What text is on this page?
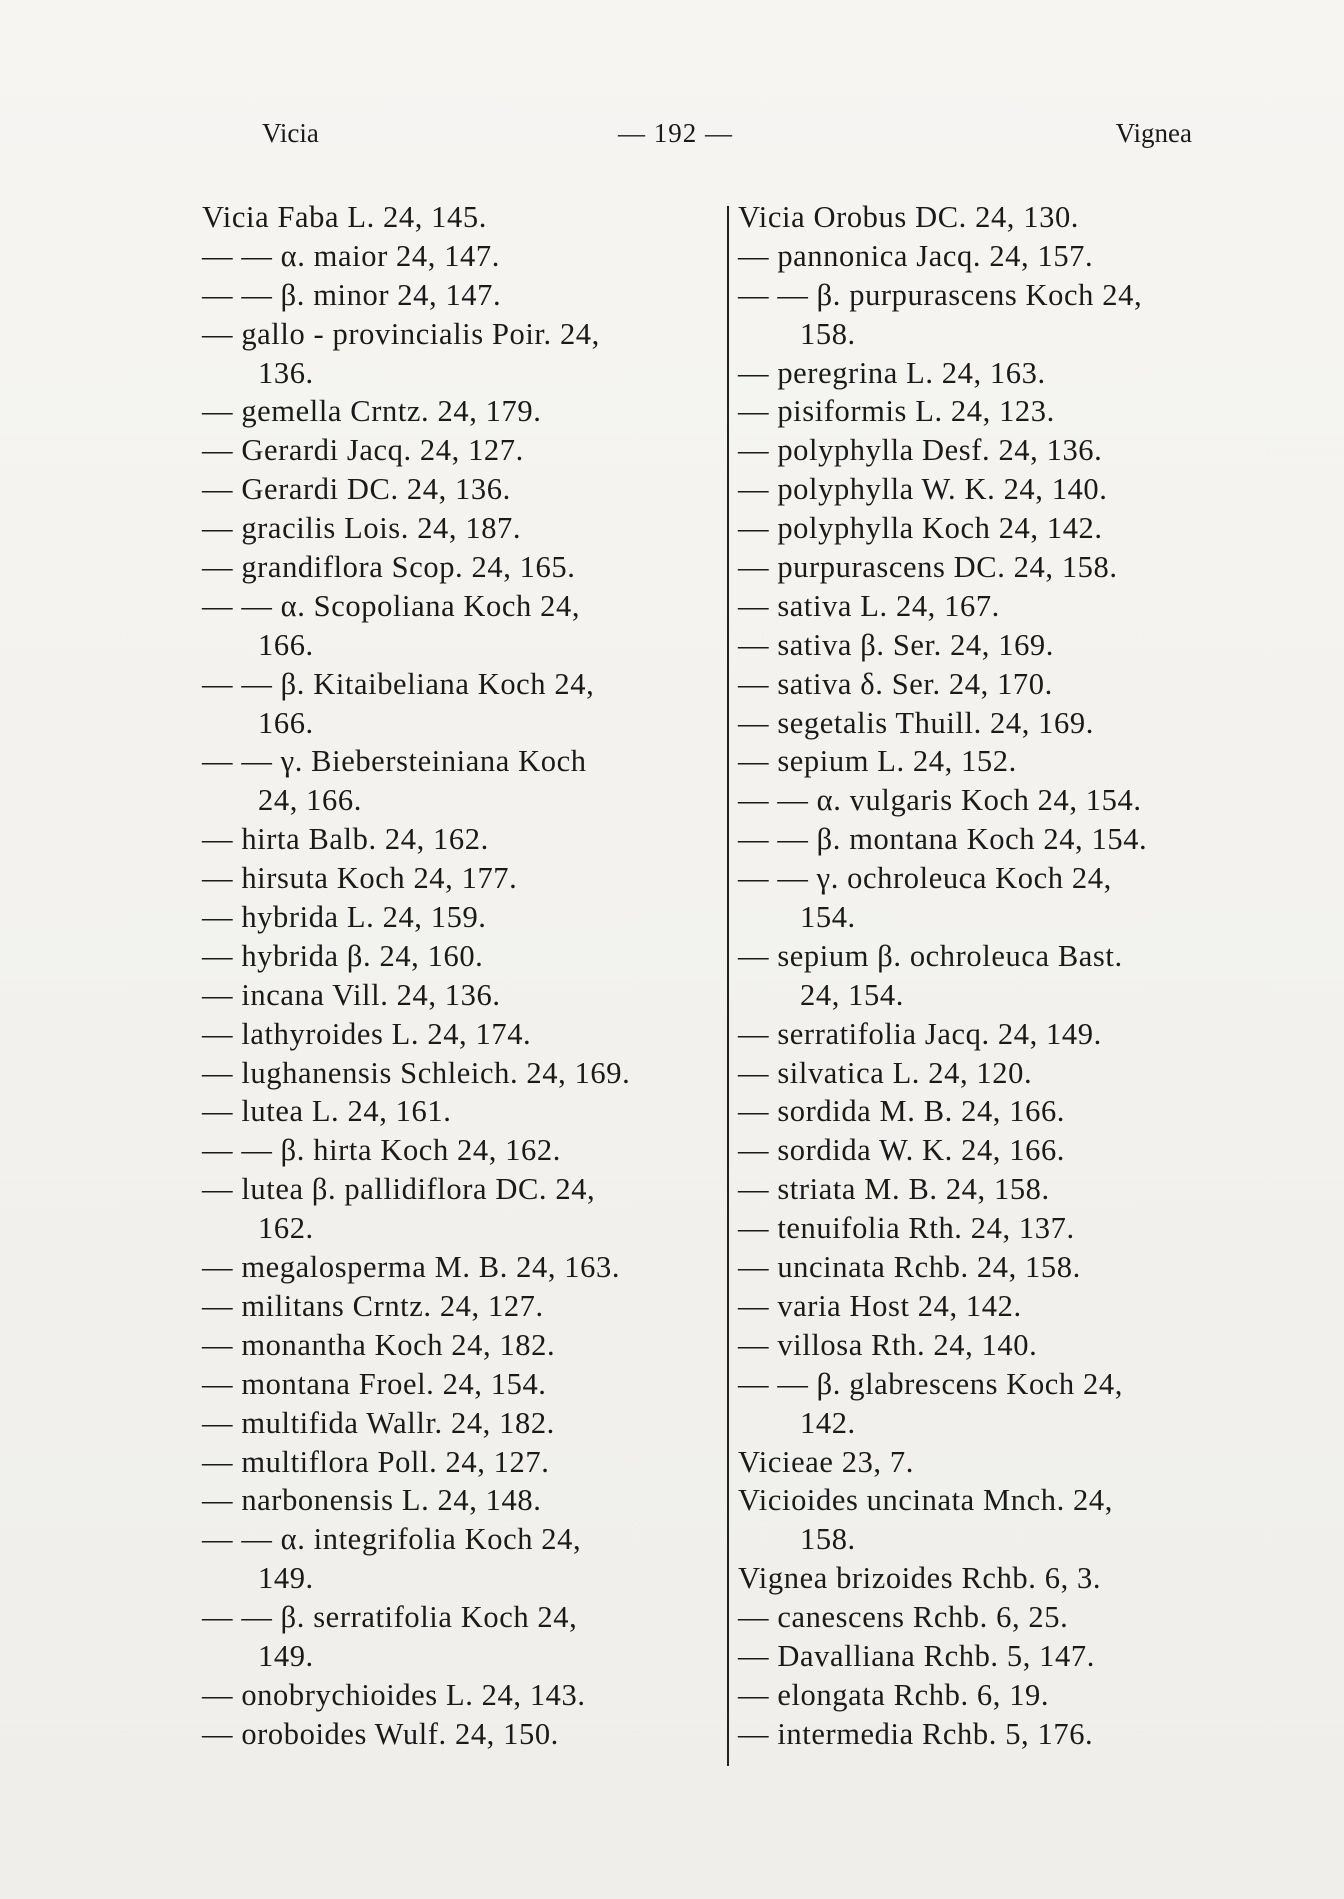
Vicia	— 192 —	Vignea
Vicia Faba L. 24, 145.
— — α. maior 24, 147.
— — β. minor 24, 147.
— gallo - provincialis Poir. 24,
136.
— gemella Crntz. 24, 179.
— Gerardi Jacq. 24, 127.
— Gerardi DC. 24, 136.
— gracilis Lois. 24, 187.
— grandiflora Scop. 24, 165.
— — α. Scopoliana Koch 24,
166.
— — β. Kitaibeliana Koch 24,
166.
— — γ. Biebersteiniana Koch
24, 166.
— hirta Balb. 24, 162.
— hirsuta Koch 24, 177.
— hybrida L. 24, 159.
— hybrida β. 24, 160.
— incana Vill. 24, 136.
— lathyroides L. 24, 174.
— lughanensis Schleich. 24, 169.
— lutea L. 24, 161.
— — β. hirta Koch 24, 162.
— lutea β. pallidiflora DC. 24,
162.
— megalosperma M. B. 24, 163.
— militans Crntz. 24, 127.
— monantha Koch 24, 182.
— montana Froel. 24, 154.
— multifida Wallr. 24, 182.
— multiflora Poll. 24, 127.
— narbonensis L. 24, 148.
— — α. integrifolia Koch 24,
149.
— — β. serratifolia Koch 24,
149.
— onobrychioides L. 24, 143.
— oroboides Wulf. 24, 150.
Vicia Orobus DC. 24, 130.
— pannonica Jacq. 24, 157.
— — β. purpurascens Koch 24,
158.
— peregrina L. 24, 163.
— pisiformis L. 24, 123.
— polyphylla Desf. 24, 136.
— polyphylla W. K. 24, 140.
— polyphylla Koch 24, 142.
— purpurascens DC. 24, 158.
— sativa L. 24, 167.
— sativa β. Ser. 24, 169.
— sativa δ. Ser. 24, 170.
— segetalis Thuill. 24, 169.
— sepium L. 24, 152.
— — α. vulgaris Koch 24, 154.
— — β. montana Koch 24, 154.
— — γ. ochroleuca Koch 24,
154.
— sepium β. ochroleuca Bast.
24, 154.
— serratifolia Jacq. 24, 149.
— silvatica L. 24, 120.
— sordida M. B. 24, 166.
— sordida W. K. 24, 166.
— striata M. B. 24, 158.
— tenuifolia Rth. 24, 137.
— uncinata Rchb. 24, 158.
— varia Host 24, 142.
— villosa Rth. 24, 140.
— — β. glabrescens Koch 24,
142.
Vicieae 23, 7.
Vicioides uncinata Mnch. 24,
158.
Vignea brizoides Rchb. 6, 3.
— canescens Rchb. 6, 25.
— Davalliana Rchb. 5, 147.
— elongata Rchb. 6, 19.
— intermedia Rchb. 5, 176.
